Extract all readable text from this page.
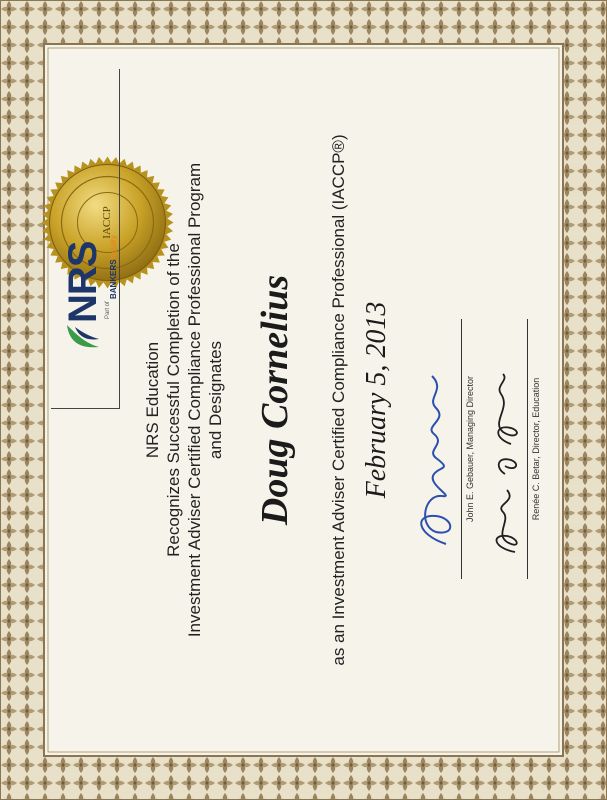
IACCP
NRS Part of
BANKERSAcuity
NRS Education Recognizes Successful Completion of the Investment Adviser Certified Compliance Professional Program and Designates Doug Cornelius as an Investment Adviser Certified Compliance Professional (IACCP®) February 5, 2013	John E. Gebauer, Managing Director	Renée C. Betar, Director, Education
